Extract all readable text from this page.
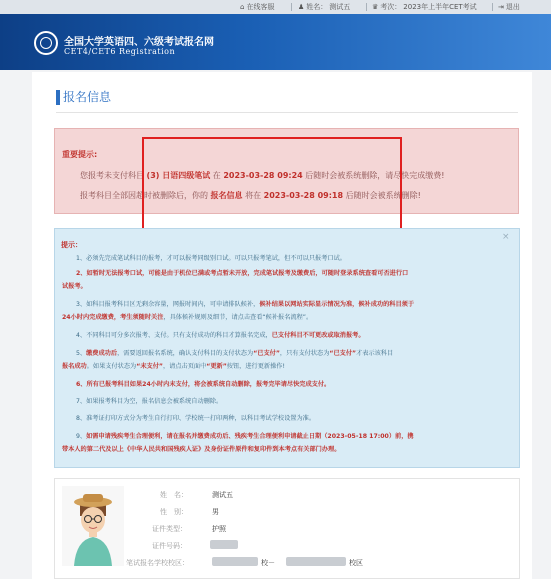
⌂ 在线客服	♟ 姓名： 测试五	♛ 考次： 2023年上半年CET考试	⇥ 退出
全国大学英语四、六级考试报名网
CET4/CET6 Registration
报名信息
重要提示:
您报考未支付科目 (3) 日语四级笔试 在 2023-03-28 09:24 后随时会被系统删除，请尽快完成缴费!
报考科目全部因超时被删除后，你的 报名信息 将在 2023-03-28 09:18 后随时会被系统删除!
×
提示：
1、必须先完成笔试科目的报考，才可以报考同级别口试。可以只报考笔试，但不可以只报考口试。
2、如暂时无法报考口试，可能是由于机位已满或考点暂未开放，完成笔试报考及缴费后，可随时登录系统查看可否进行口
试报考。
3、如科目报考科目区无剩余容量，网报时间内，可申请排队候补，候补结果以网站实际显示情况为准，候补成功的科目须于
24小时内完成缴费，考生须随时关注，具体候补规则及细节，请点击查看“候补报名流程”。
4、不同科目可分多次报考、支付。只有支付成功的科目才算报名完成，已支付科目不可更改或取消报考。
5、缴费成功后，需要返回报名系统，确认支付科目的支付状态为“已支付”，只有支付状态为“已支付”才表示该科目
报名成功。如果支付状态为“未支付”，请点击页面中“更新”按钮，进行更新操作!
6、所有已报考科目如果24小时内未支付，将会被系统自动删除，报考完毕请尽快完成支付。
7、如果报考科目为空，报名信息会被系统自动删除。
8、准考证打印方式分为考生自行打印、学校统一打印两种，以科目考试学校设置为准。
9、如需申请残疾考生合理便利，请在报名并缴费成功后、残疾考生合理便利申请截止日期（2023-05-18 17:00）前，携
带本人的第二代及以上《中华人民共和国残疾人证》及身份证件原件和复印件到本考点有关部门办理。
姓　名：	测试五
性　别：	男
证件类型：	护照
证件号码：
笔试报名学校校区：	校－	校区
